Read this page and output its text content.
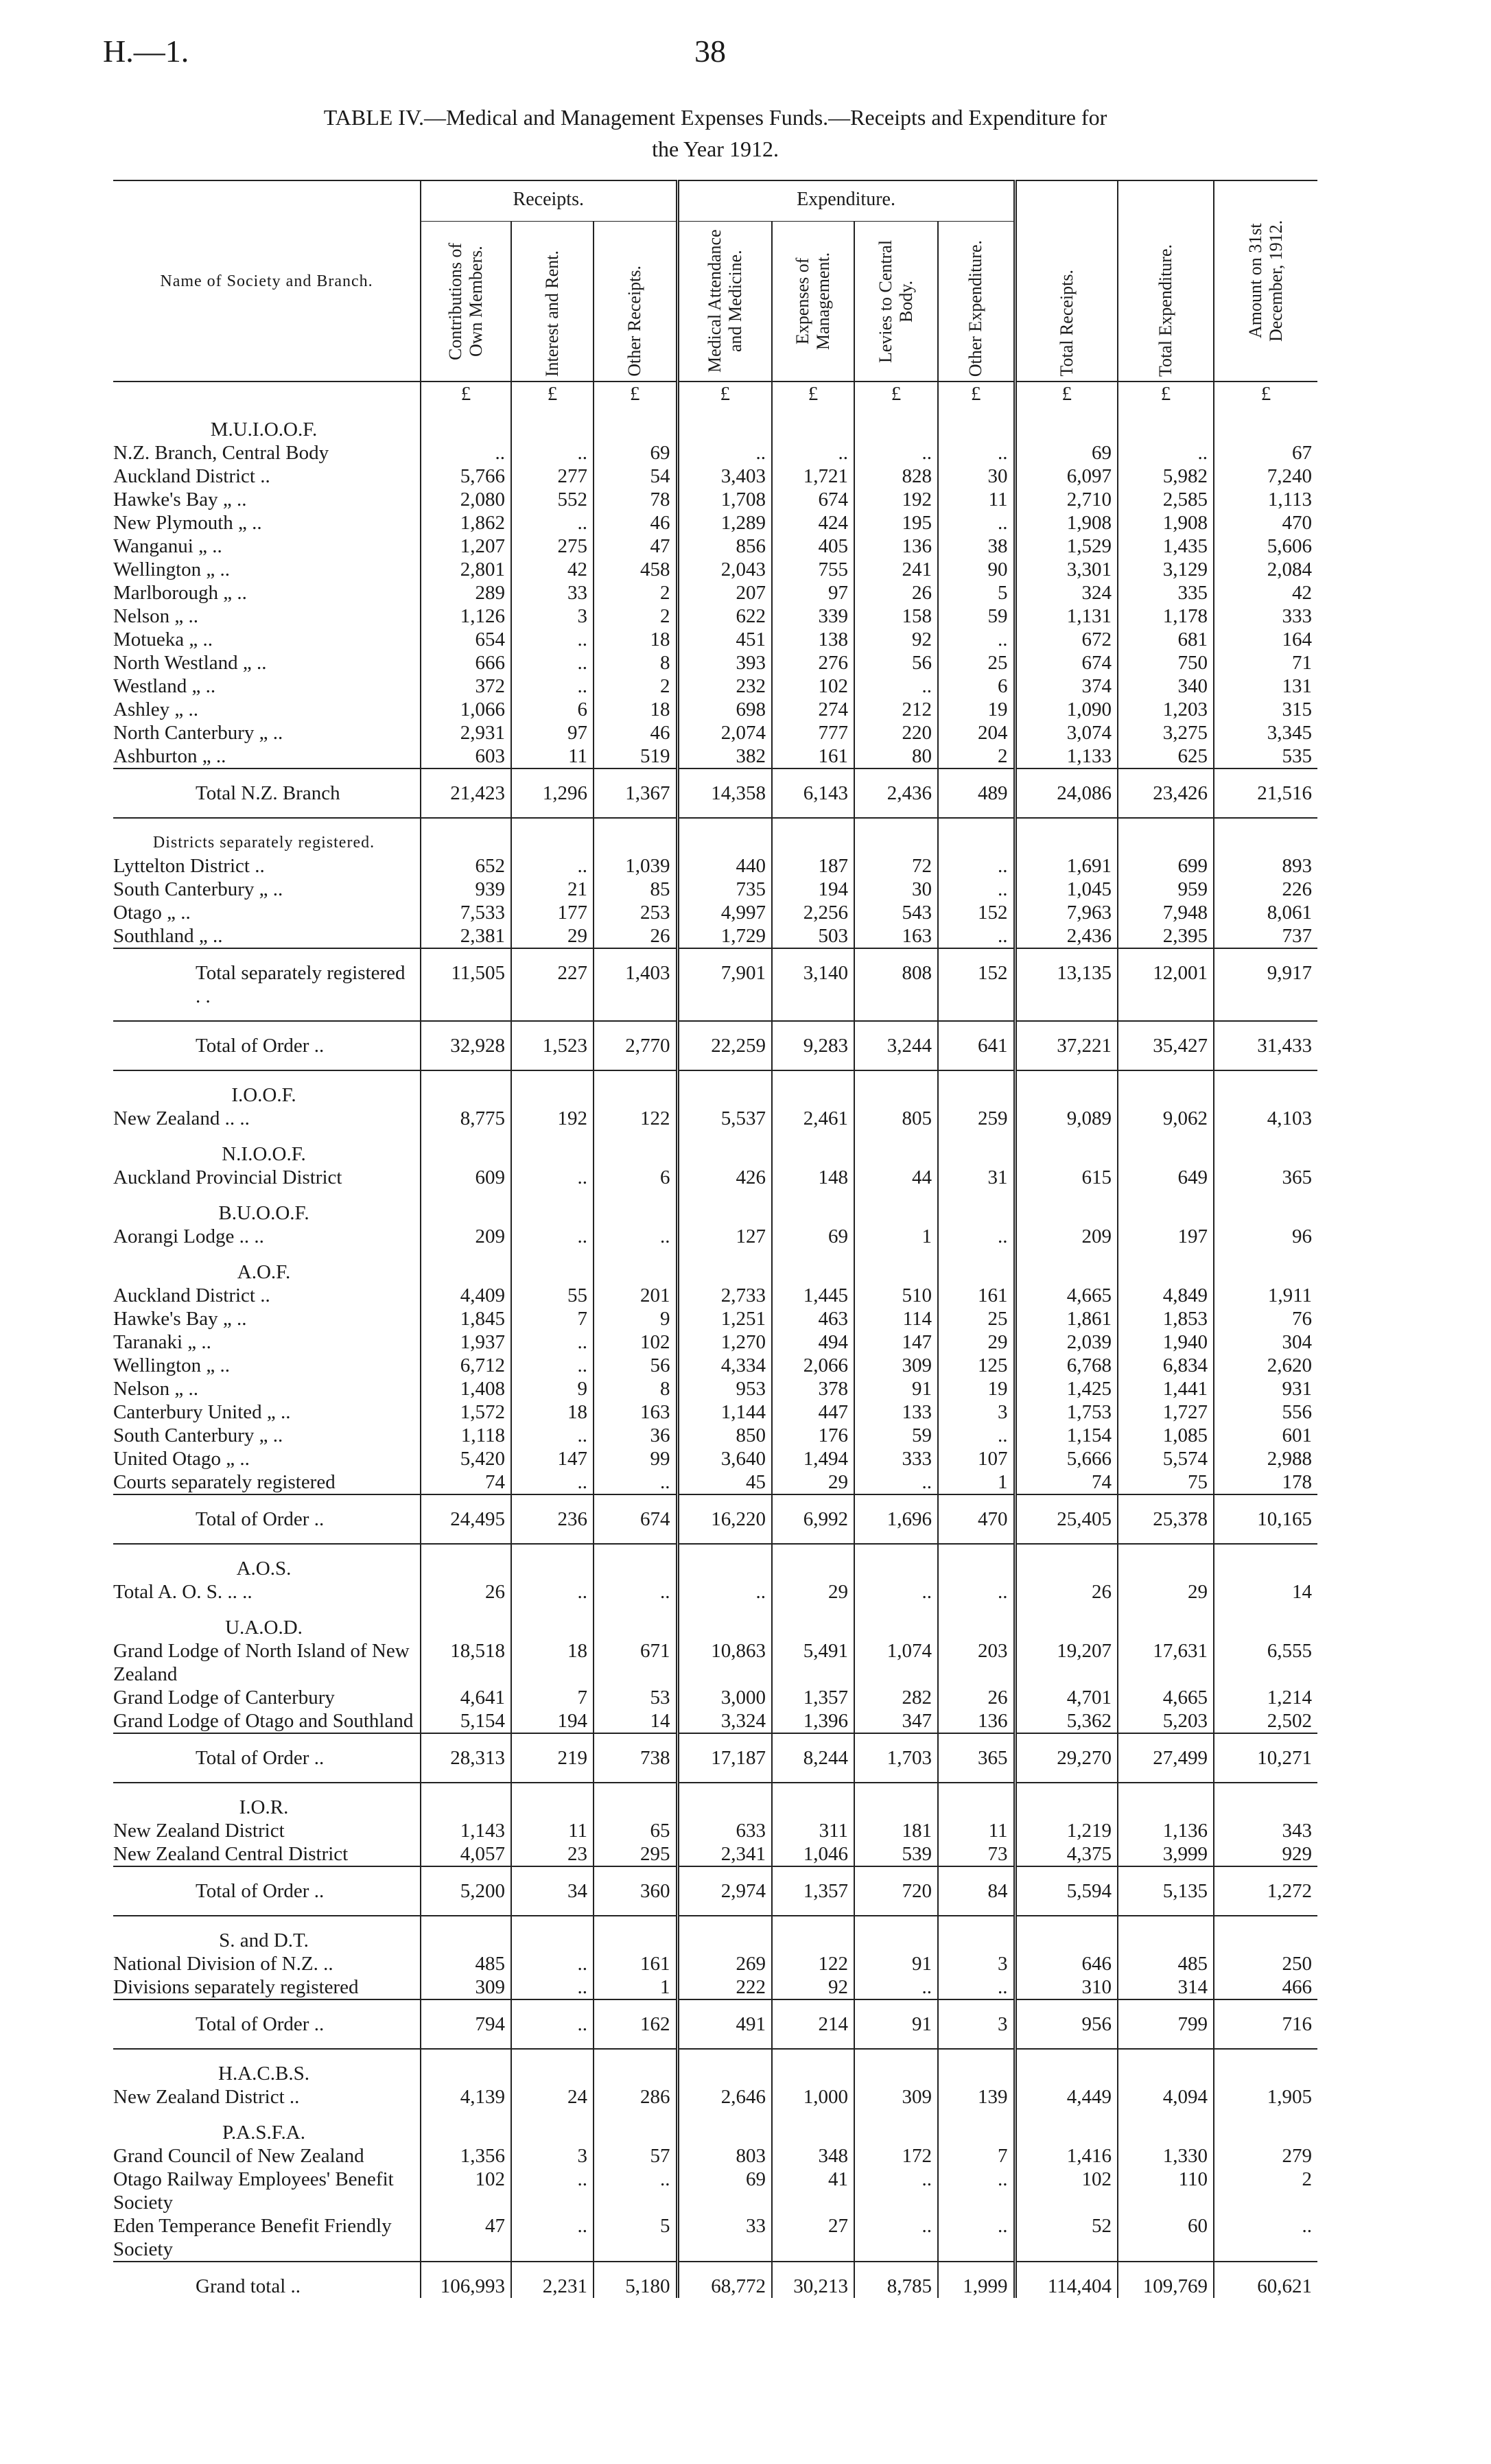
H.—1.	38
TABLE IV.—Medical and Management Expenses Funds.—Receipts and Expenditure for
the Year 1912.
Name of Society and Branch.	Receipts.			Expenditure.				Total Receipts.	Total Expenditure.	Amount on 31st December, 1912.

	Contributions of Own Members.	Interest and Rent.	Other Receipts.	Medical Attendance and Medicine.	Expenses of Management.	Levies to Central Body.	Other Expenditure.			

	£	£	£	£	£	£	£	£	£	£
M.U.I.O.O.F.										
N.Z. Branch, Central Body	..	..	69	..	..	..	..	69	..	67
Auckland District ..	5,766	277	54	3,403	1,721	828	30	6,097	5,982	7,240
Hawke's Bay „ ..	2,080	552	78	1,708	674	192	11	2,710	2,585	1,113
New Plymouth „ ..	1,862	..	46	1,289	424	195	..	1,908	1,908	470
Wanganui „ ..	1,207	275	47	856	405	136	38	1,529	1,435	5,606
Wellington „ ..	2,801	42	458	2,043	755	241	90	3,301	3,129	2,084
Marlborough „ ..	289	33	2	207	97	26	5	324	335	42
Nelson „ ..	1,126	3	2	622	339	158	59	1,131	1,178	333
Motueka „ ..	654	..	18	451	138	92	..	672	681	164
North Westland „ ..	666	..	8	393	276	56	25	674	750	71
Westland „ ..	372	..	2	232	102	..	6	374	340	131
Ashley „ ..	1,066	6	18	698	274	212	19	1,090	1,203	315
North Canterbury „ ..	2,931	97	46	2,074	777	220	204	3,074	3,275	3,345
Ashburton „ ..	603	11	519	382	161	80	2	1,133	625	535
Total N.Z. Branch	21,423	1,296	1,367	14,358	6,143	2,436	489	24,086	23,426	21,516
Districts separately registered.										
Lyttelton District ..	652	..	1,039	440	187	72	..	1,691	699	893
South Canterbury „ ..	939	21	85	735	194	30	..	1,045	959	226
Otago „ ..	7,533	177	253	4,997	2,256	543	152	7,963	7,948	8,061
Southland „ ..	2,381	29	26	1,729	503	163	..	2,436	2,395	737
Total separately registered . .	11,505	227	1,403	7,901	3,140	808	152	13,135	12,001	9,917
Total of Order ..	32,928	1,523	2,770	22,259	9,283	3,244	641	37,221	35,427	31,433
I.O.O.F.										
New Zealand .. ..	8,775	192	122	5,537	2,461	805	259	9,089	9,062	4,103
N.I.O.O.F.										
Auckland Provincial District	609	..	6	426	148	44	31	615	649	365
B.U.O.O.F.										
Aorangi Lodge .. ..	209	..	..	127	69	1	..	209	197	96
A.O.F.										
Auckland District ..	4,409	55	201	2,733	1,445	510	161	4,665	4,849	1,911
Hawke's Bay „ ..	1,845	7	9	1,251	463	114	25	1,861	1,853	76
Taranaki „ ..	1,937	..	102	1,270	494	147	29	2,039	1,940	304
Wellington „ ..	6,712	..	56	4,334	2,066	309	125	6,768	6,834	2,620
Nelson „ ..	1,408	9	8	953	378	91	19	1,425	1,441	931
Canterbury United „ ..	1,572	18	163	1,144	447	133	3	1,753	1,727	556
South Canterbury „ ..	1,118	..	36	850	176	59	..	1,154	1,085	601
United Otago „ ..	5,420	147	99	3,640	1,494	333	107	5,666	5,574	2,988
Courts separately registered	74	..	..	45	29	..	1	74	75	178
Total of Order ..	24,495	236	674	16,220	6,992	1,696	470	25,405	25,378	10,165
A.O.S.										
Total A. O. S. .. ..	26	..	..	..	29	..	..	26	29	14
U.A.O.D.										
Grand Lodge of North Island of New Zealand	18,518	18	671	10,863	5,491	1,074	203	19,207	17,631	6,555
Grand Lodge of Canterbury	4,641	7	53	3,000	1,357	282	26	4,701	4,665	1,214
Grand Lodge of Otago and Southland	5,154	194	14	3,324	1,396	347	136	5,362	5,203	2,502
Total of Order ..	28,313	219	738	17,187	8,244	1,703	365	29,270	27,499	10,271
I.O.R.										
New Zealand District	1,143	11	65	633	311	181	11	1,219	1,136	343
New Zealand Central District	4,057	23	295	2,341	1,046	539	73	4,375	3,999	929
Total of Order ..	5,200	34	360	2,974	1,357	720	84	5,594	5,135	1,272
S. and D.T.										
National Division of N.Z. ..	485	..	161	269	122	91	3	646	485	250
Divisions separately registered	309	..	1	222	92	..	..	310	314	466
Total of Order ..	794	..	162	491	214	91	3	956	799	716
H.A.C.B.S.										
New Zealand District ..	4,139	24	286	2,646	1,000	309	139	4,449	4,094	1,905
P.A.S.F.A.										
Grand Council of New Zealand	1,356	3	57	803	348	172	7	1,416	1,330	279
Otago Railway Employees' Benefit Society	102	..	..	69	41	..	..	102	110	2
Eden Temperance Benefit Friendly Society	47	..	5	33	27	..	..	52	60	..
Grand total ..	106,993	2,231	5,180	68,772	30,213	8,785	1,999	114,404	109,769	60,621
